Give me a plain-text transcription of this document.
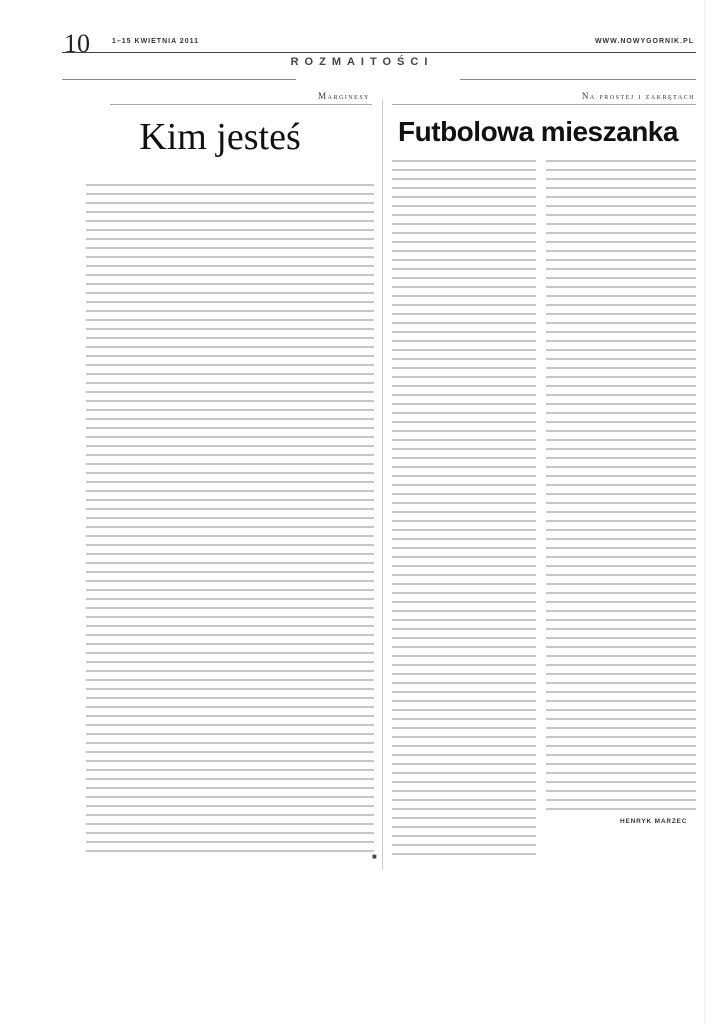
10	1–15 KWIETNIA 2011	WWW.NOWYGORNIK.PL
ROZMAITOŚCI
Marginesy	Na prostej i zakrętach
Kim jesteś	Futbolowa mieszanka
■
HENRYK MARZEC
